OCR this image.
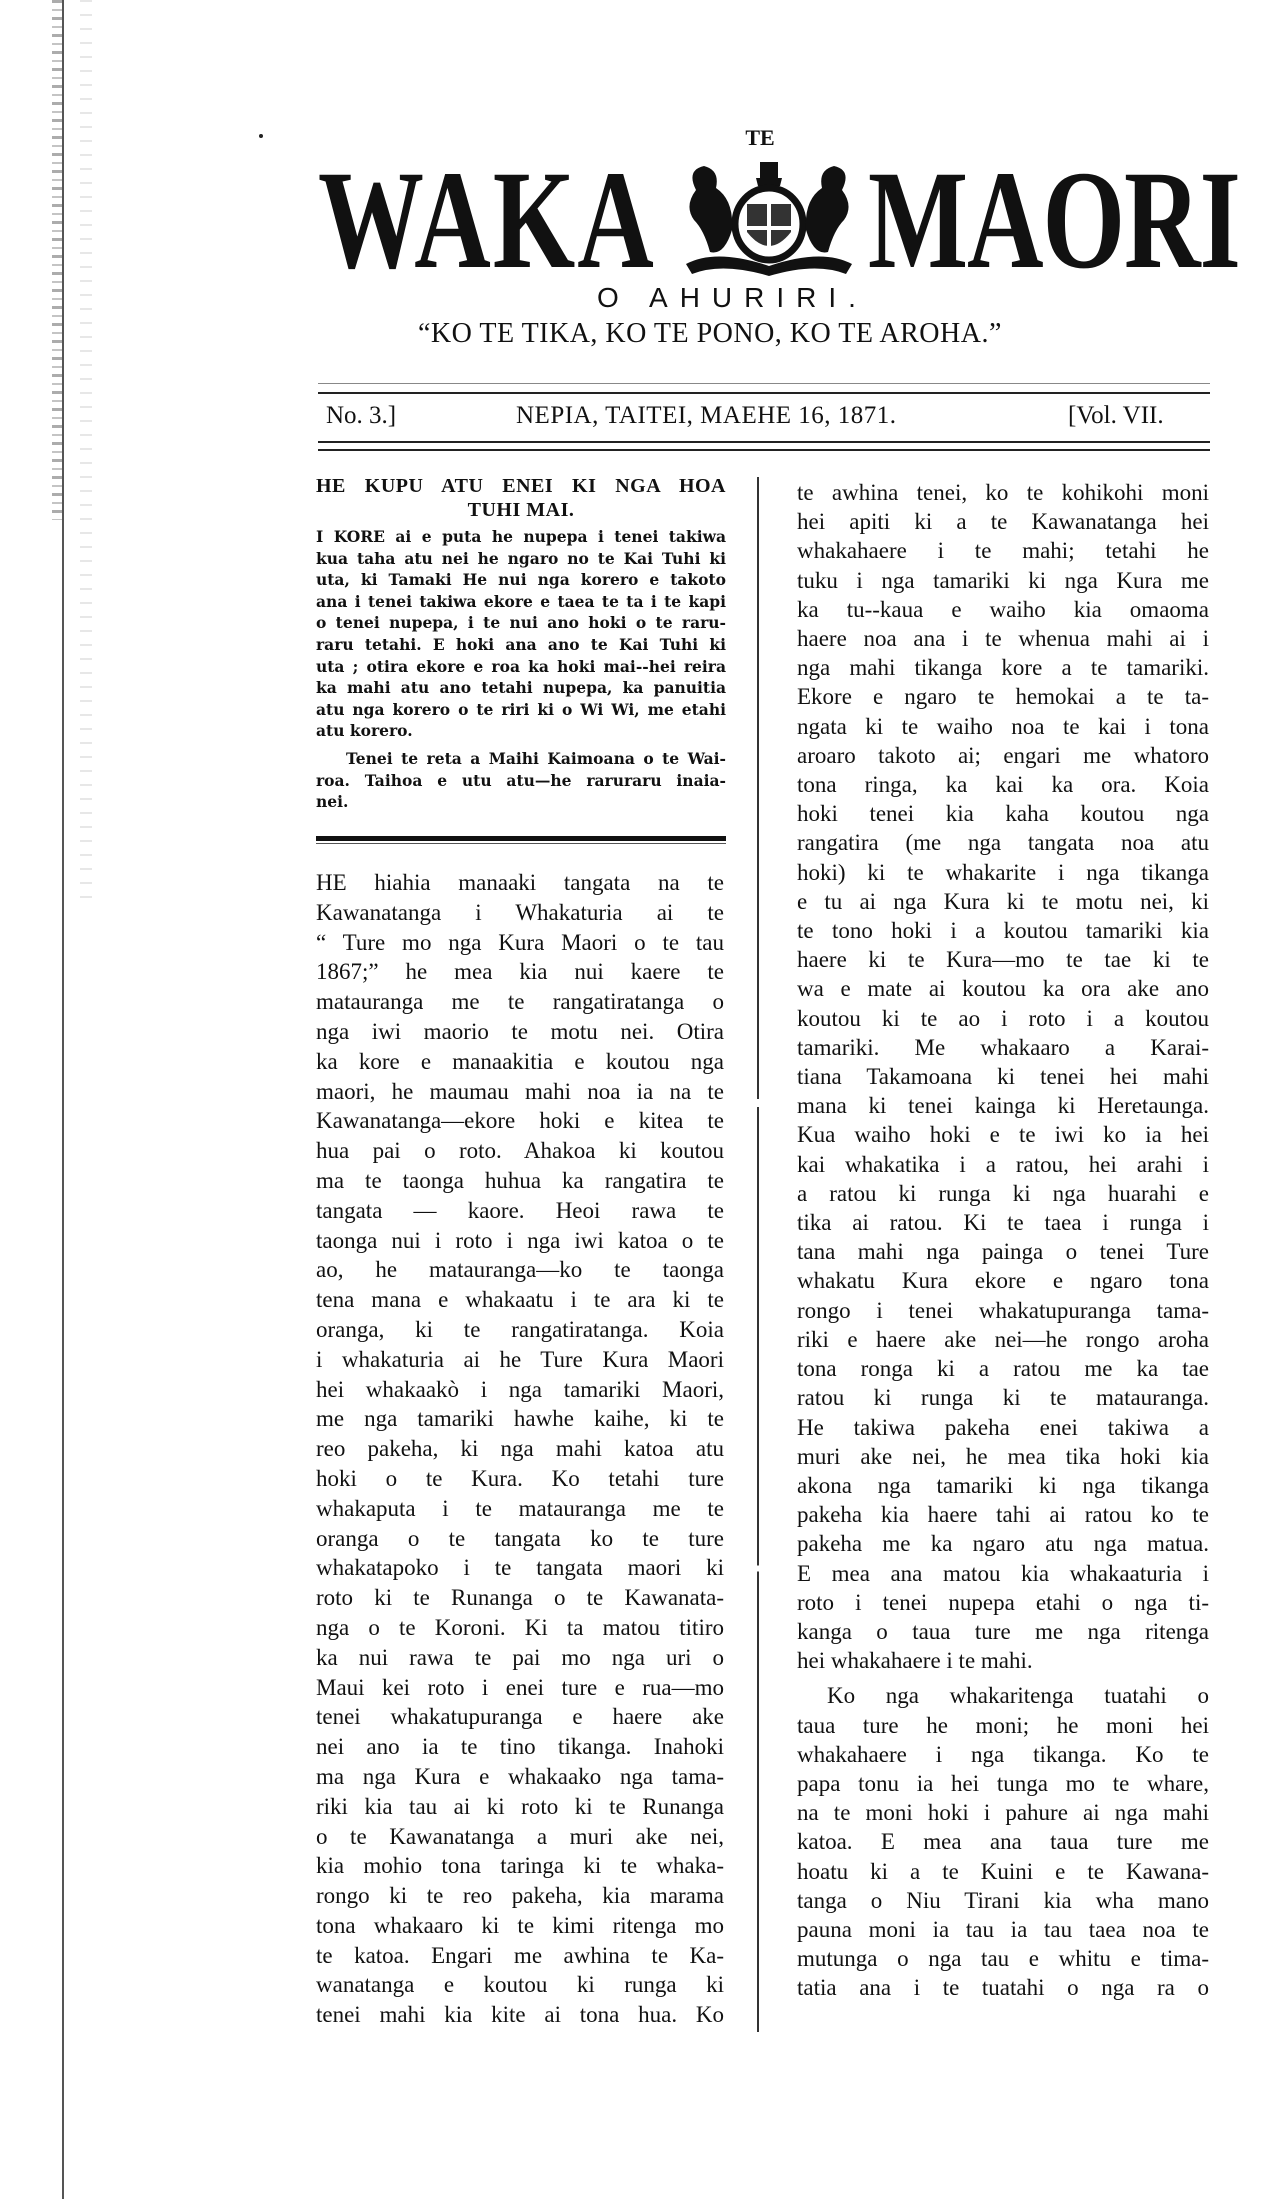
TE
WAKA MAORI
O AHURIRI.
“KO TE TIKA, KO TE PONO, KO TE AROHA.”
No. 3.]	NEPIA, TAITEI, MAEHE 16, 1871.	[Vol. VII.
HE KUPU ATU ENEI KI NGA HOA
TUHI MAI.
I KORE ai e puta he nupepa i tenei takiwa
kua taha atu nei he ngaro no te Kai Tuhi ki
uta, ki Tamaki He nui nga korero e takoto
ana i tenei takiwa ekore e taea te ta i te kapi
o tenei nupepa, i te nui ano hoki o te raru-
raru tetahi. E hoki ana ano te Kai Tuhi ki
uta ; otira ekore e roa ka hoki mai--hei reira
ka mahi atu ano tetahi nupepa, ka panuitia
atu nga korero o te riri ki o Wi Wi, me etahi
atu korero.
Tenei te reta a Maihi Kaimoana o te Wai-
roa. Taihoa e utu atu—he raruraru inaia-
nei.
HE hiahia manaaki tangata na te
Kawanatanga i Whakaturia ai te
“ Ture mo nga Kura Maori o te tau
1867;” he mea kia nui kaere te
matauranga me te rangatiratanga o
nga iwi maorio te motu nei. Otira
ka kore e manaakitia e koutou nga
maori, he maumau mahi noa ia na te
Kawanatanga—ekore hoki e kitea te
hua pai o roto. Ahakoa ki koutou
ma te taonga huhua ka rangatira te
tangata — kaore. Heoi rawa te
taonga nui i roto i nga iwi katoa o te
ao, he matauranga—ko te taonga
tena mana e whakaatu i te ara ki te
oranga, ki te rangatiratanga. Koia
i whakaturia ai he Ture Kura Maori
hei whakaakò i nga tamariki Maori,
me nga tamariki hawhe kaihe, ki te
reo pakeha, ki nga mahi katoa atu
hoki o te Kura. Ko tetahi ture
whakaputa i te matauranga me te
oranga o te tangata ko te ture
whakatapoko i te tangata maori ki
roto ki te Runanga o te Kawanata-
nga o te Koroni. Ki ta matou titiro
ka nui rawa te pai mo nga uri o
Maui kei roto i enei ture e rua—mo
tenei whakatupuranga e haere ake
nei ano ia te tino tikanga. Inahoki
ma nga Kura e whakaako nga tama-
riki kia tau ai ki roto ki te Runanga
o te Kawanatanga a muri ake nei,
kia mohio tona taringa ki te whaka-
rongo ki te reo pakeha, kia marama
tona whakaaro ki te kimi ritenga mo
te katoa. Engari me awhina te Ka-
wanatanga e koutou ki runga ki
tenei mahi kia kite ai tona hua. Ko
te awhina tenei, ko te kohikohi moni
hei apiti ki a te Kawanatanga hei
whakahaere i te mahi; tetahi he
tuku i nga tamariki ki nga Kura me
ka tu--kaua e waiho kia omaoma
haere noa ana i te whenua mahi ai i
nga mahi tikanga kore a te tamariki.
Ekore e ngaro te hemokai a te ta-
ngata ki te waiho noa te kai i tona
aroaro takoto ai; engari me whatoro
tona ringa, ka kai ka ora. Koia
hoki tenei kia kaha koutou nga
rangatira (me nga tangata noa atu
hoki) ki te whakarite i nga tikanga
e tu ai nga Kura ki te motu nei, ki
te tono hoki i a koutou tamariki kia
haere ki te Kura—mo te tae ki te
wa e mate ai koutou ka ora ake ano
koutou ki te ao i roto i a koutou
tamariki. Me whakaaro a Karai-
tiana Takamoana ki tenei hei mahi
mana ki tenei kainga ki Heretaunga.
Kua waiho hoki e te iwi ko ia hei
kai whakatika i a ratou, hei arahi i
a ratou ki runga ki nga huarahi e
tika ai ratou. Ki te taea i runga i
tana mahi nga painga o tenei Ture
whakatu Kura ekore e ngaro tona
rongo i tenei whakatupuranga tama-
riki e haere ake nei—he rongo aroha
tona ronga ki a ratou me ka tae
ratou ki runga ki te matauranga.
He takiwa pakeha enei takiwa a
muri ake nei, he mea tika hoki kia
akona nga tamariki ki nga tikanga
pakeha kia haere tahi ai ratou ko te
pakeha me ka ngaro atu nga matua.
E mea ana matou kia whakaaturia i
roto i tenei nupepa etahi o nga ti-
kanga o taua ture me nga ritenga
hei whakahaere i te mahi.
Ko nga whakaritenga tuatahi o
taua ture he moni; he moni hei
whakahaere i nga tikanga. Ko te
papa tonu ia hei tunga mo te whare,
na te moni hoki i pahure ai nga mahi
katoa. E mea ana taua ture me
hoatu ki a te Kuini e te Kawana-
tanga o Niu Tirani kia wha mano
pauna moni ia tau ia tau taea noa te
mutunga o nga tau e whitu e tima-
tatia ana i te tuatahi o nga ra o
